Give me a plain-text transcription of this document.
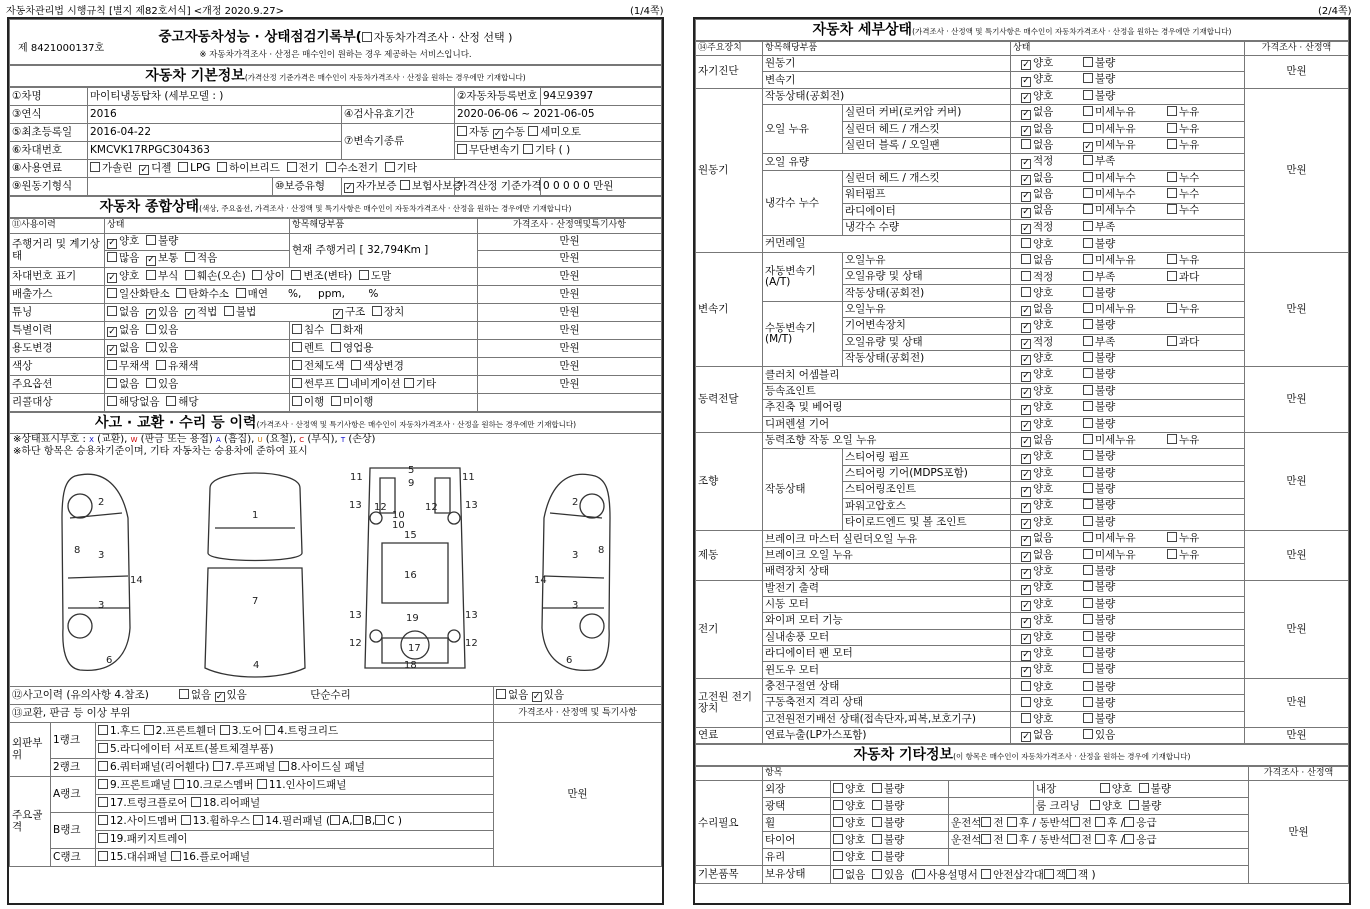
자동차관리법 시행규칙 [별지 제82호서식] <개정 2020.9.27>	(1/4쪽)	(2/4쪽)
제 8421000137호
중고자동차성능 · 상태점검기록부( 자동차가격조사 · 산정 선택 )
※ 자동차가격조사 · 산정은 매수인이 원하는 경우 제공하는 서비스입니다.
자동차 기본정보(가격산정 기준가격은 매수인이 자동차가격조사 · 산정을 원하는 경우에만 기재합니다)
①차명	마이티냉동탑차 (세부모델 : )			②자동차등록번호	94모9397
③연식	2016		④검사유효기간	2020-06-06 ~ 2021-06-05	
⑤최초등록일	2016-04-22		⑦변속기종류	자동 ✓ 수동 세미오토	
⑥차대번호	KMCVK17RPGC304363			무단변속기 기타 ( )	
⑧사용연료	가솔린 ✓ 디젤 LPG 하이브리드 전기 수소전기 기타				
⑨원동기형식		⑩보증유형	✓ 자가보증 보험사보증	가격산정 기준가격	0 0 0 0 0 만원
자동차 종합상태(색상, 주요옵션, 가격조사 · 산정액 및 특기사항은 매수인이 자동차가격조사 · 산정을 원하는 경우에만 기재합니다)
⑪사용이력	상태	항목해당부품	가격조사 · 산정액및특기사항
주행거리 및 계기상태	✓ 양호 불량	현재 주행거리 [ 32,794Km ]	만원
	많음 ✓ 보통 적음		만원
차대번호 표기	✓ 양호 부식 훼손(오손) 상이 변조(변타) 도말		만원
배출가스	일산화탄소 탄화수소 매연 %, ppm, %		만원
튜닝	없음 ✓ 있음 ✓ 적법 불법 ✓ 구조 장치		만원
특별이력	✓ 없음 있음	침수 화재	만원
용도변경	✓ 없음 있음	렌트 영업용	만원
색상	무채색 유채색	전체도색 색상변경	만원
주요옵션	없음 있음	썬루프 네비게이션 기타	만원
리콜대상	해당없음 해당	이행 미이행	
사고 · 교환 · 수리 등 이력(가격조사 · 산정액 및 특기사항은 매수인이 자동차가격조사 · 산정을 원하는 경우에만 기재합니다)
※상태표시부호 : X (교환), W (판금 또는 용접) A (흠집), U (요철), C (부식), T (손상)
※하단 항목은 승용차기준이며, 기타 자동차는 승용차에 준하여 표시
2
3
8
3
14
6
1
7
4
5
9
11	11
13	13
12	12
10
10
15
16
13	13
19
12	12
17
18
2
3 8
3
14
6
⑫사고이력 (유의사항 4.참조) 없음 ✓ 있음 단순수리			없음 ✓ 있음
⑬교환, 판금 등 이상 부위			가격조사 · 산정액 및 특기사항
외판부위	1랭크	1.후드 2.프론트휀더 3.도어 4.트렁크리드	만원
		5.라디에이터 서포트(볼트체결부품)	
	2랭크	6.쿼터패널(리어휀다) 7.루프패널 8.사이드실 패널	
주요골격	A랭크	9.프론트패널 10.크로스멤버 11.인사이드패널	
		17.트렁크플로어 18.리어패널	
	B랭크	12.사이드멤버 13.휠하우스 14.필러패널 ( A, B, C )	
		19.패키지트레이	
	C랭크	15.대쉬패널 16.플로어패널	
자동차 세부상태(가격조사 · 산정액 및 특기사항은 매수인이 자동차가격조사 · 산정을 원하는 경우에만 기재합니다)
⑭주요장치	항목해당부품		상태	가격조사 · 산정액
자기진단	원동기		✓ 양호 불량	만원
	변속기		✓ 양호 불량	
원동기	작동상태(공회전)		✓ 양호 불량	만원
	오일 누유	실린더 커버(로커암 커버)	✓ 없음 미세누유 누유	
		실린더 헤드 / 개스킷	✓ 없음 미세누유 누유	
		실린더 블록 / 오일팬	없음 ✓ 미세누유 누유	
	오일 유량		✓ 적정 부족	
	냉각수 누수	실린더 헤드 / 개스킷	✓ 없음 미세누수 누수	
		워터펌프	✓ 없음 미세누수 누수	
		라디에이터	✓ 없음 미세누수 누수	
		냉각수 수량	✓ 적정 부족	
	커먼레일		양호 불량	
변속기	자동변속기 (A/T)	오일누유	없음 미세누유 누유	만원
		오일유량 및 상태	적정 부족 과다	
		작동상태(공회전)	양호 불량	
	수동변속기 (M/T)	오일누유	✓ 없음 미세누유 누유	
		기어변속장치	✓ 양호 불량	
		오일유량 및 상태	✓ 적정 부족 과다	
		작동상태(공회전)	✓ 양호 불량	
동력전달	클러치 어셈블리		✓ 양호 불량	만원
	등속죠인트		✓ 양호 불량	
	추진축 및 베어링		✓ 양호 불량	
	디퍼렌셜 기어		✓ 양호 불량	
조향	동력조향 작동 오일 누유		✓ 없음 미세누유 누유	만원
	작동상태	스티어링 펌프	✓ 양호 불량	
		스티어링 기어(MDPS포함)	✓ 양호 불량	
		스티어링조인트	✓ 양호 불량	
		파워고압호스	✓ 양호 불량	
		타이로드엔드 및 볼 조인트	✓ 양호 불량	
제동	브레이크 마스터 실린더오일 누유		✓ 없음 미세누유 누유	만원
	브레이크 오일 누유		✓ 없음 미세누유 누유	
	배력장치 상태		✓ 양호 불량	
전기	발전기 출력		✓ 양호 불량	만원
	시동 모터		✓ 양호 불량	
	와이퍼 모터 기능		✓ 양호 불량	
	실내송풍 모터		✓ 양호 불량	
	라디에이터 팬 모터		✓ 양호 불량	
	윈도우 모터		✓ 양호 불량	
고전원 전기장치	충전구절연 상태		양호 불량	만원
	구동축전지 격리 상태		양호 불량	
	고전원전기배선 상태(접속단자,피복,보호기구)		양호 불량	
연료	연료누출(LP가스포함)		✓ 없음 있음	만원
자동차 기타정보(이 항목은 매수인이 자동차가격조사 · 산정을 원하는 경우에 기재합니다)
	항목				가격조사 · 산정액
수리필요	외장	양호 불량		내장 양호 불량	만원
	광택	양호 불량		룸 크리닝 양호 불량	
	휠	양호 불량	운전석 전 후 / 동반석 전 후 / 응급		
	타이어	양호 불량	운전석 전 후 / 동반석 전 후 / 응급		
	유리	양호 불량			
기본품목	보유상태	없음 있음 ( 사용설명서 안전삼각대 잭 잭 )			
